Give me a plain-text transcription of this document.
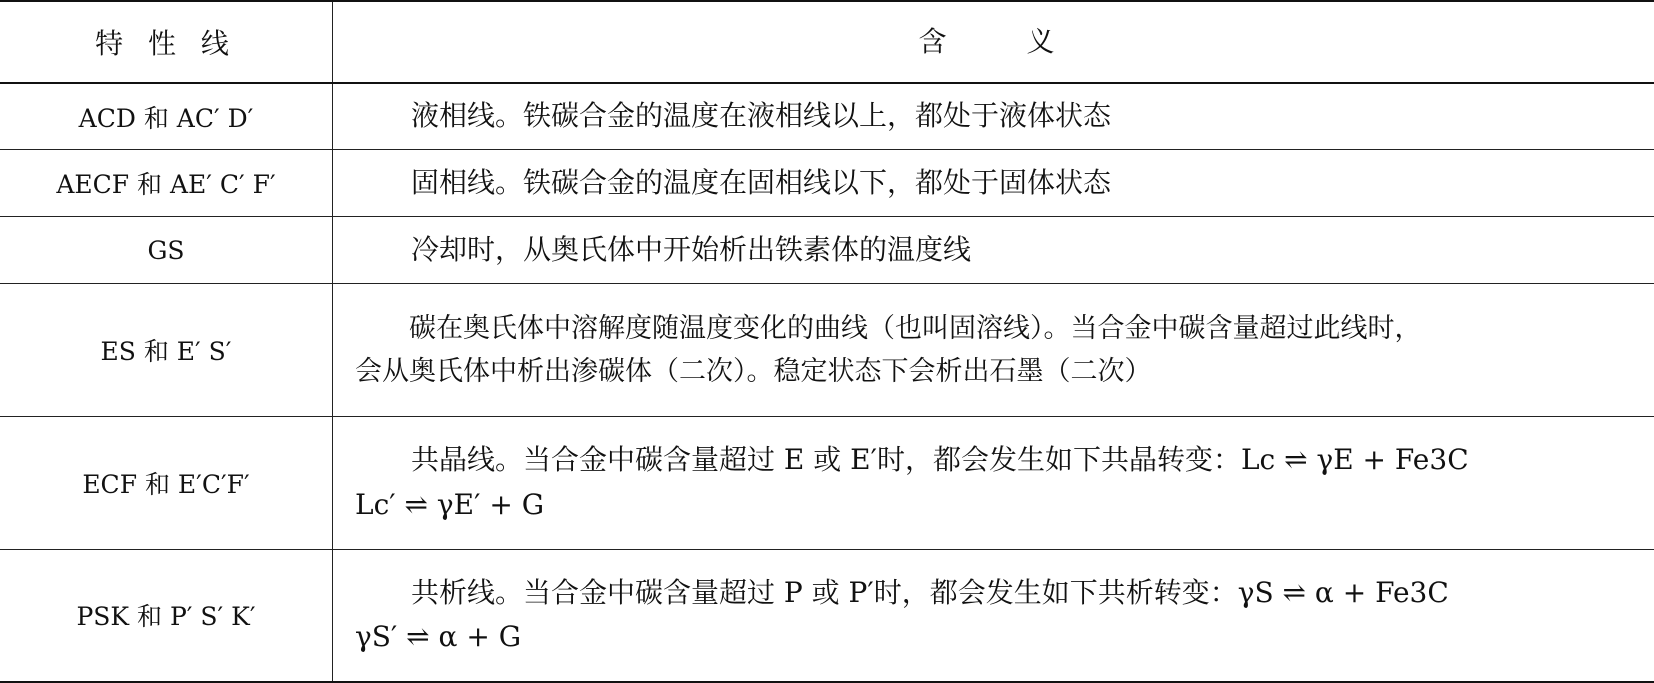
特 性 线	含　　义
ACD 和 AC′ D′	液相线。铁碳合金的温度在液相线以上，都处于液体状态

AECF 和 AE′ C′ F′	固相线。铁碳合金的温度在固相线以下，都处于固体状态

GS	冷却时，从奥氏体中开始析出铁素体的温度线

ES 和 E′ S′	碳在奥氏体中溶解度随温度变化的曲线（也叫固溶线）。当合金中碳含量超过此线时，
会从奥氏体中析出渗碳体（二次）。稳定状态下会析出石墨（二次）

ECF 和 E′C′F′	共晶线。当合金中碳含量超过 E 或 E′时，都会发生如下共晶转变：Lc ⇌ γE + Fe3C
Lc′ ⇌ γE′ + G

PSK 和 P′ S′ K′	共析线。当合金中碳含量超过 P 或 P′时，都会发生如下共析转变：γS ⇌ α + Fe3C
γS′ ⇌ α + G
